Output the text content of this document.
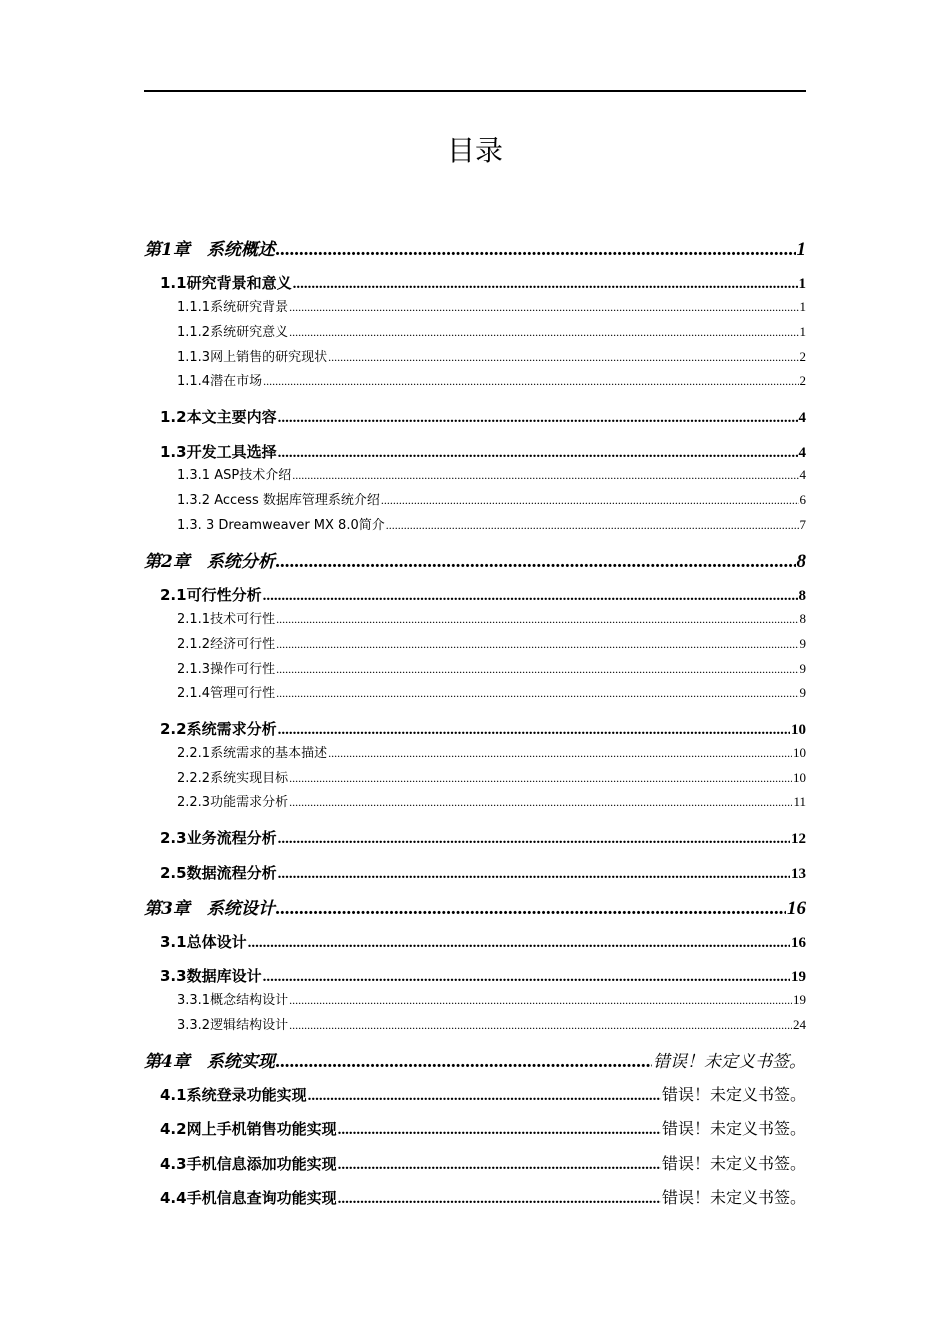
目录
第1章　系统概述 .....	1
1.1研究背景和意义 .....	1
1.1.1系统研究背景 .....	1
1.1.2系统研究意义 .....	1
1.1.3网上销售的研究现状 .....	2
1.1.4潜在市场 .....	2
1.2本文主要内容 .....	4
1.3开发工具选择 .....	4
1.3.1 ASP技术介绍 .....	4
1.3.2 Access 数据库管理系统介绍 .....	6
1.3. 3 Dreamweaver MX 8.0简介 .....	7
第2章　系统分析 .....	8
2.1可行性分析 .....	8
2.1.1技术可行性 .....	8
2.1.2经济可行性 .....	9
2.1.3操作可行性 .....	9
2.1.4管理可行性 .....	9
2.2系统需求分析 .....	10
2.2.1系统需求的基本描述 .....	10
2.2.2系统实现目标 .....	10
2.2.3功能需求分析 .....	11
2.3业务流程分析 .....	12
2.5数据流程分析 .....	13
第3章　系统设计 .....	16
3.1总体设计 .....	16
3.3数据库设计 .....	19
3.3.1概念结构设计 .....	19
3.3.2逻辑结构设计 .....	24
第4章　系统实现 .....	错误！未定义书签。
4.1系统登录功能实现 .....	错误！未定义书签。
4.2网上手机销售功能实现 .....	错误！未定义书签。
4.3手机信息添加功能实现 .....	错误！未定义书签。
4.4手机信息查询功能实现 .....	错误！未定义书签。
